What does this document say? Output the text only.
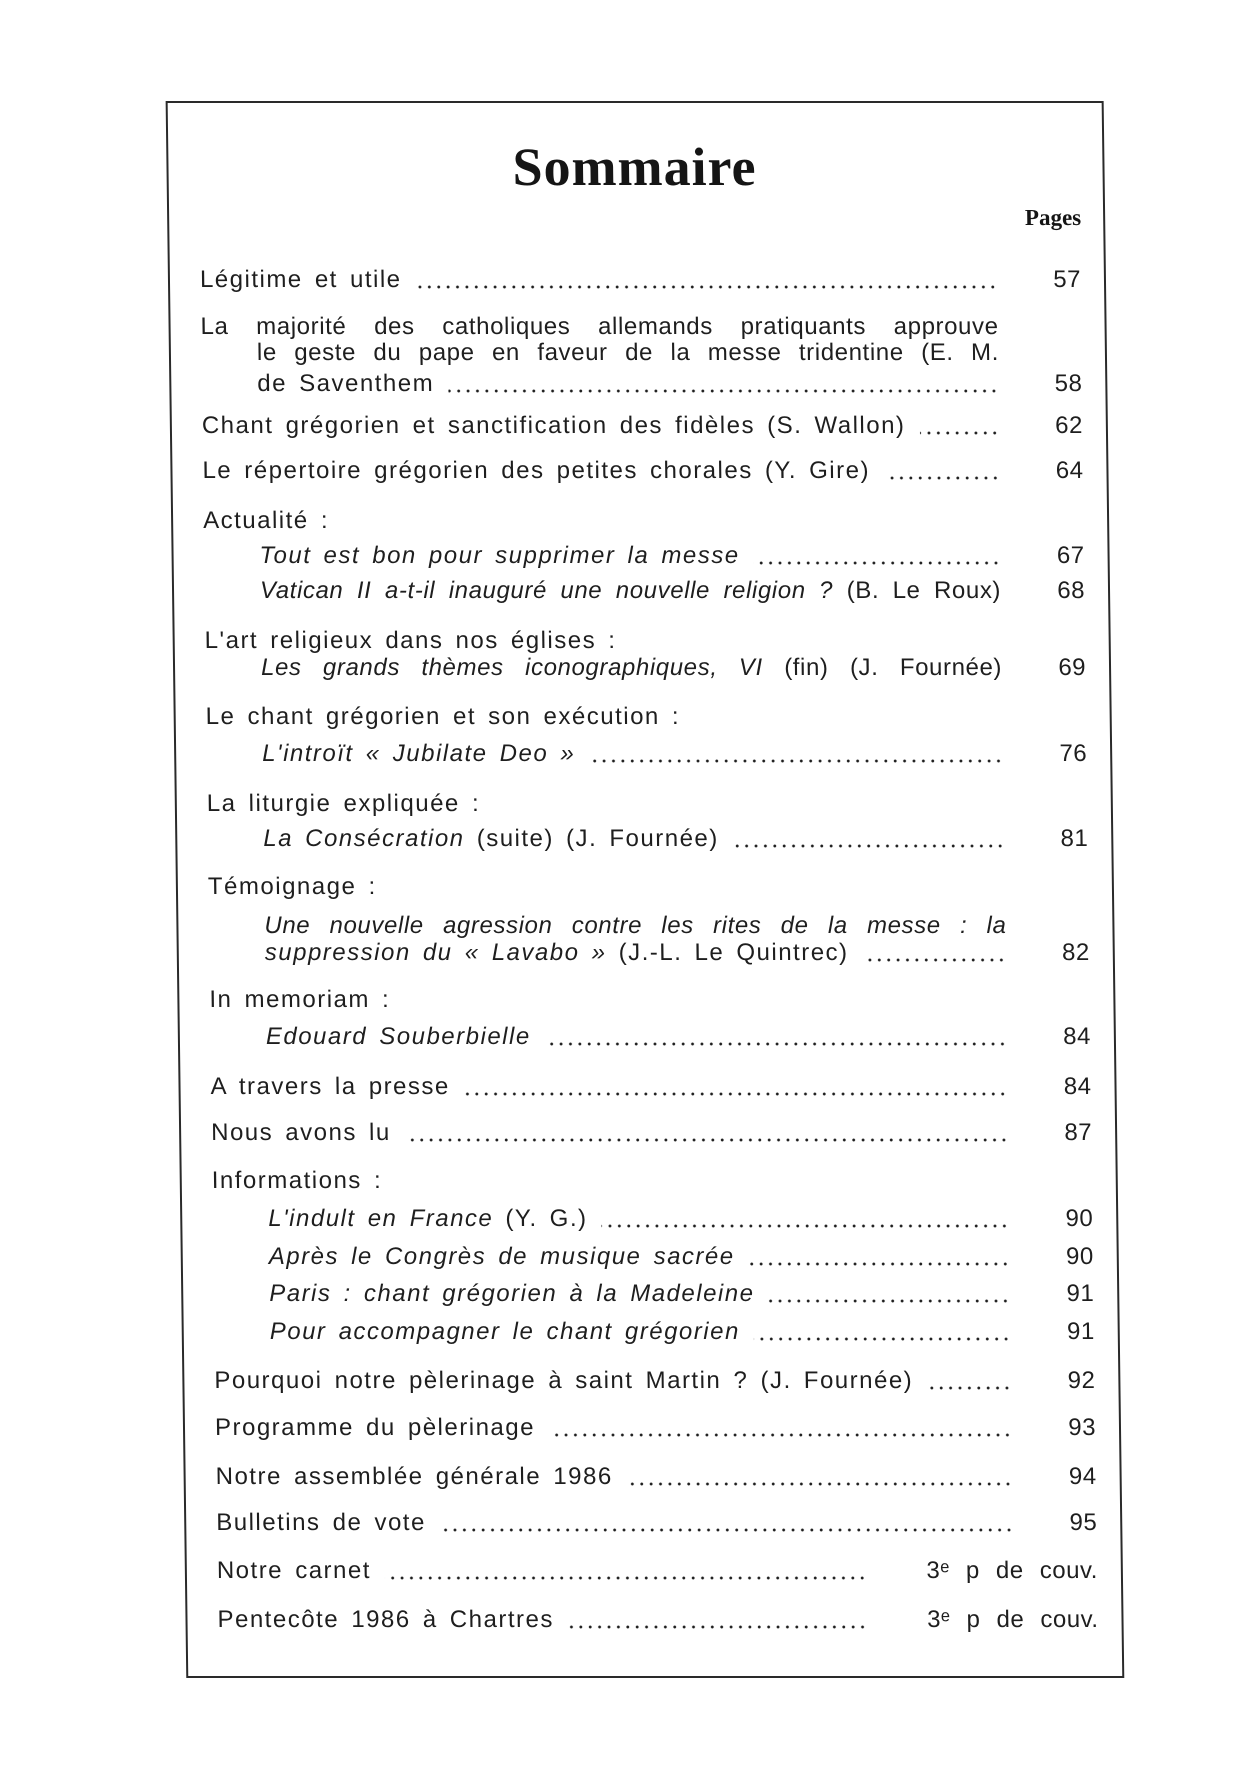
Sommaire
Pages
Légitime et utile	57
La majorité des catholiques allemands pratiquants approuve
le geste du pape en faveur de la messe tridentine (E. M.
de Saventhem	58
Chant grégorien et sanctification des fidèles (S. Wallon)	62
Le répertoire grégorien des petites chorales (Y. Gire)	64
Actualité :
Tout est bon pour supprimer la messe	67
Vatican II a-t-il inauguré une nouvelle religion ? (B. Le Roux)	68
L'art religieux dans nos églises :
Les grands thèmes iconographiques, VI (fin) (J. Fournée)	69
Le chant grégorien et son exécution :
L'introït « Jubilate Deo »	76
La liturgie expliquée :
La Consécration (suite) (J. Fournée)	81
Témoignage :
Une nouvelle agression contre les rites de la messe : la
suppression du « Lavabo » (J.-L. Le Quintrec)	82
In memoriam :
Edouard Souberbielle	84
A travers la presse	84
Nous avons lu	87
Informations :
L'indult en France (Y. G.)	90
Après le Congrès de musique sacrée	90
Paris : chant grégorien à la Madeleine	91
Pour accompagner le chant grégorien	91
Pourquoi notre pèlerinage à saint Martin ? (J. Fournée)	92
Programme du pèlerinage	93
Notre assemblée générale 1986	94
Bulletins de vote	95
Notre carnet	3ᵉ p de couv.
Pentecôte 1986 à Chartres	3ᵉ p de couv.
